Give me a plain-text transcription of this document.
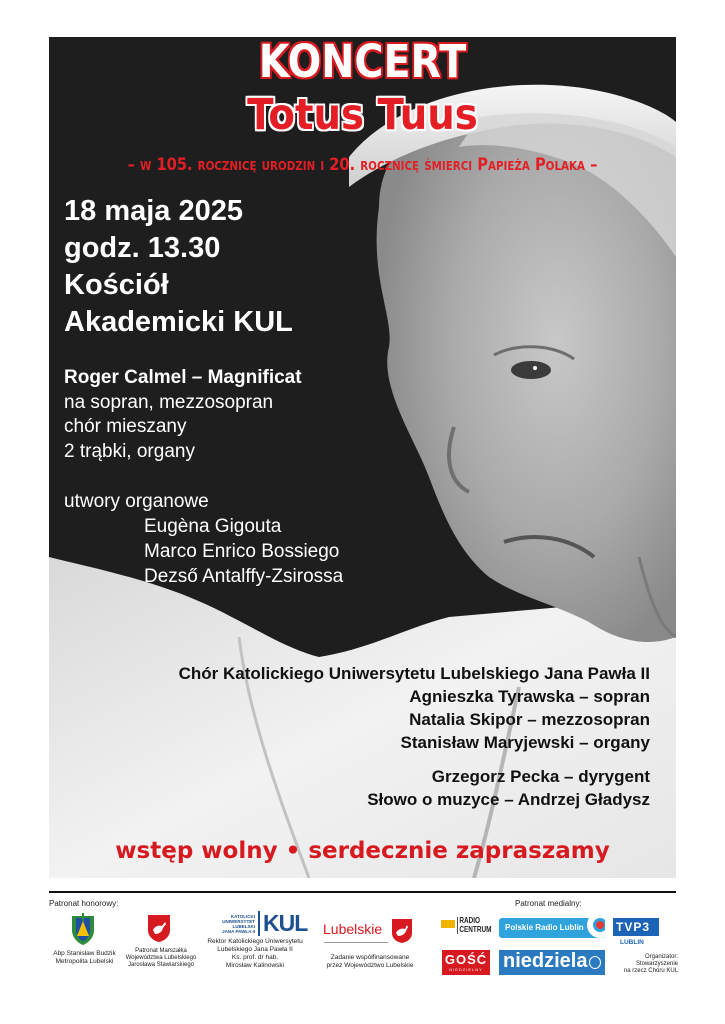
KONCERT
Totus Tuus
– w 105. rocznicę urodzin i 20. rocznicę śmierci Papieża Polaka –
18 maja 2025
godz. 13.30
Kościół
Akademicki KUL
Roger Calmel – Magnificat
na sopran, mezzosopran
chór mieszany
2 trąbki, organy
utwory organowe
Eugèna Gigouta
Marco Enrico Bossiego
Dezső Antalffy-Zsirossa
Chór Katolickiego Uniwersytetu Lubelskiego Jana Pawła II
Agnieszka Tyrawska – sopran
Natalia Skipor – mezzosopran
Stanisław Maryjewski – organy
Grzegorz Pecka – dyrygent
Słowo o muzyce – Andrzej Gładysz
wstęp wolny • serdecznie zapraszamy
Patronat honorowy:	Patronat medialny:
Abp Stanisław Budzik
Metropolita Lubelski
Patronat Marszałka
Województwa Lubelskiego
Jarosława Stawiarskiego
KATOLICKI
UNIWERSYTET
LUBELSKI
JANA PAWŁA II KUL
Rektor Katolickiego Uniwersytetu
Lubelskiego Jana Pawła II
Ks. prof. dr hab.
Mirosław Kalinowski
Lubelskie
Zadanie współfinansowane
przez Województwo Lubelskie
RADIO
CENTRUM Polskie Radio Lublin	TVP3
LUBLIN
GOŚĆ
NIEDZIELNY	niedziela	Organizator:
Stowarzyszenie
na rzecz Chóru KUL
